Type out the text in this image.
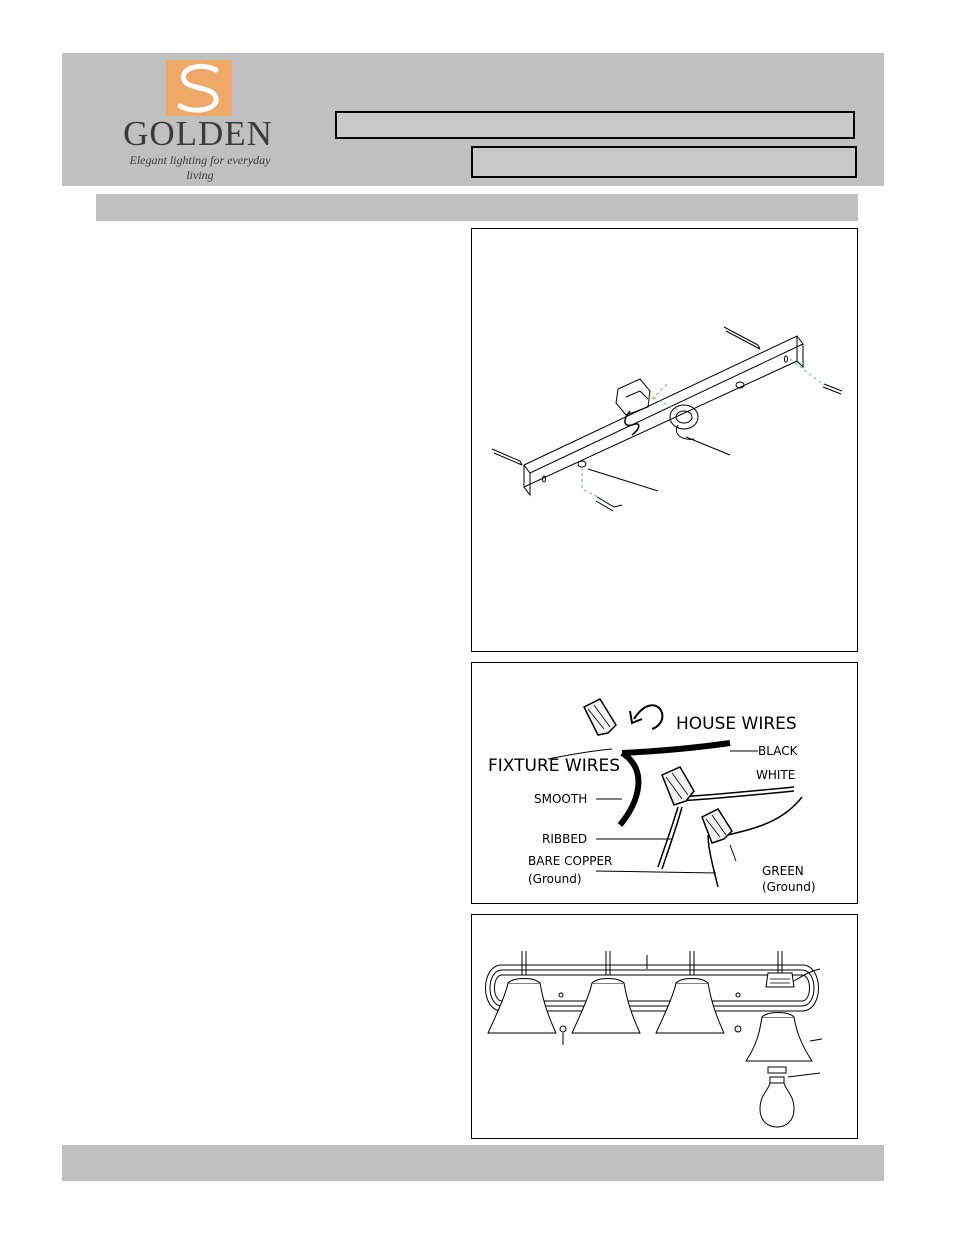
GOLDEN
Elegant lighting for everyday living
HOUSE WIRES
FIXTURE WIRES
BLACK
WHITE
SMOOTH
RIBBED
BARE COPPER
(Ground)
GREEN
(Ground)
